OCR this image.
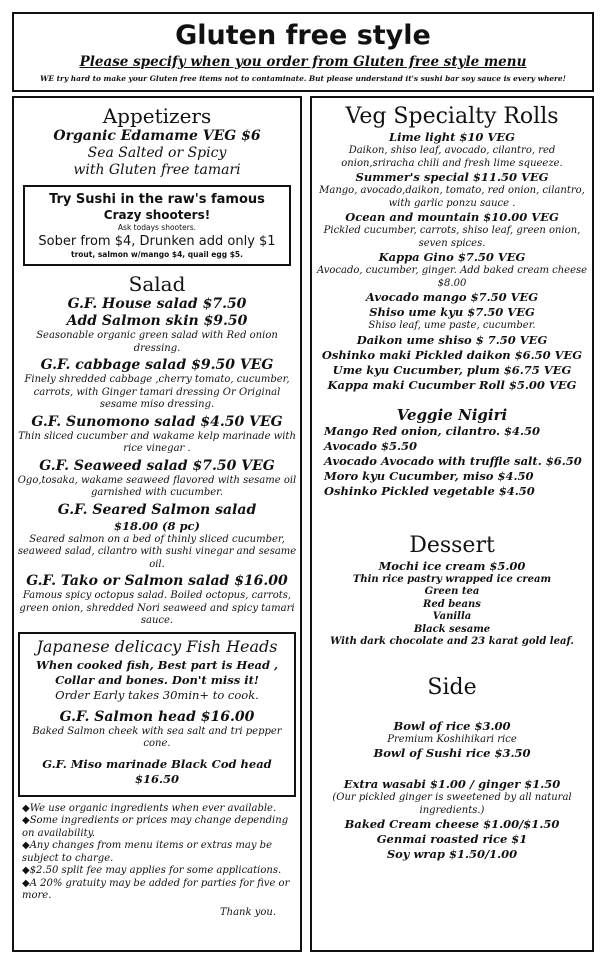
Gluten free style
Please specify when you order from Gluten free style menu
WE try hard to make your Gluten free items not to contaminate. But please understand it's sushi bar soy sauce is every where!
Appetizers
Organic Edamame VEG $6
Sea Salted or Spicy
with Gluten free tamari
Try Sushi in the raw's famous
Crazy shooters!
Ask todays shooters.
Sober from $4, Drunken add only $1
trout, salmon w/mango $4, quail egg $5.
Salad
G.F. House salad $7.50
Add Salmon skin $9.50
Seasonable organic green salad with Red onion dressing.
G.F. cabbage salad $9.50 VEG
Finely shredded cabbage ,cherry tomato, cucumber, carrots, with Ginger tamari dressing Or Original sesame miso dressing.
G.F. Sunomono salad $4.50 VEG
Thin sliced cucumber and wakame kelp marinade with rice vinegar .
G.F. Seaweed salad $7.50 VEG
Ogo,tosaka, wakame seaweed flavored with sesame oil garnished with cucumber.
G.F. Seared Salmon salad
$18.00 (8 pc)
Seared salmon on a bed of thinly sliced cucumber, seaweed salad, cilantro with sushi vinegar and sesame oil.
G.F. Tako or Salmon salad $16.00
Famous spicy octopus salad. Boiled octopus, carrots, green onion, shredded Nori seaweed and spicy tamari sauce.
Japanese delicacy Fish Heads
When cooked fish, Best part is Head ,
Collar and bones. Don't miss it!
Order Early takes 30min+ to cook.
G.F. Salmon head $16.00
Baked Salmon cheek with sea salt and tri pepper cone.
G.F. Miso marinade Black Cod head $16.50
◆We use organic ingredients when ever available.
◆Some ingredients or prices may change depending on availability.
◆Any changes from menu items or extras may be subject to charge.
◆$2.50 split fee may applies for some applications.
◆A 20% gratuity may be added for parties for five or more.
Thank you.
Veg Specialty Rolls
Lime light $10 VEG
Daikon, shiso leaf, avocado, cilantro, red onion,sriracha chili and fresh lime squeeze.
Summer's special $11.50 VEG
Mango, avocado,daikon, tomato, red onion, cilantro, with garlic ponzu sauce .
Ocean and mountain $10.00 VEG
Pickled cucumber, carrots, shiso leaf, green onion, seven spices.
Kappa Gino $7.50 VEG
Avocado, cucumber, ginger. Add baked cream cheese $8.00
Avocado mango $7.50 VEG
Shiso ume kyu $7.50 VEG
Shiso leaf, ume paste, cucumber.
Daikon ume shiso $ 7.50 VEG
Oshinko maki Pickled daikon $6.50 VEG
Ume kyu Cucumber, plum $6.75 VEG
Kappa maki Cucumber Roll $5.00 VEG
Veggie Nigiri
Mango Red onion, cilantro. $4.50
Avocado $5.50
Avocado Avocado with truffle salt. $6.50
Moro kyu Cucumber, miso $4.50
Oshinko Pickled vegetable $4.50
Dessert
Mochi ice cream $5.00
Thin rice pastry wrapped ice cream
Green tea
Red beans
Vanilla
Black sesame
With dark chocolate and 23 karat gold leaf.
Side
Bowl of rice $3.00
Premium Koshihikari rice
Bowl of Sushi rice $3.50
Extra wasabi $1.00 / ginger $1.50
(Our pickled ginger is sweetened by all natural ingredients.)
Baked Cream cheese $1.00/$1.50
Genmai roasted rice $1
Soy wrap $1.50/1.00
